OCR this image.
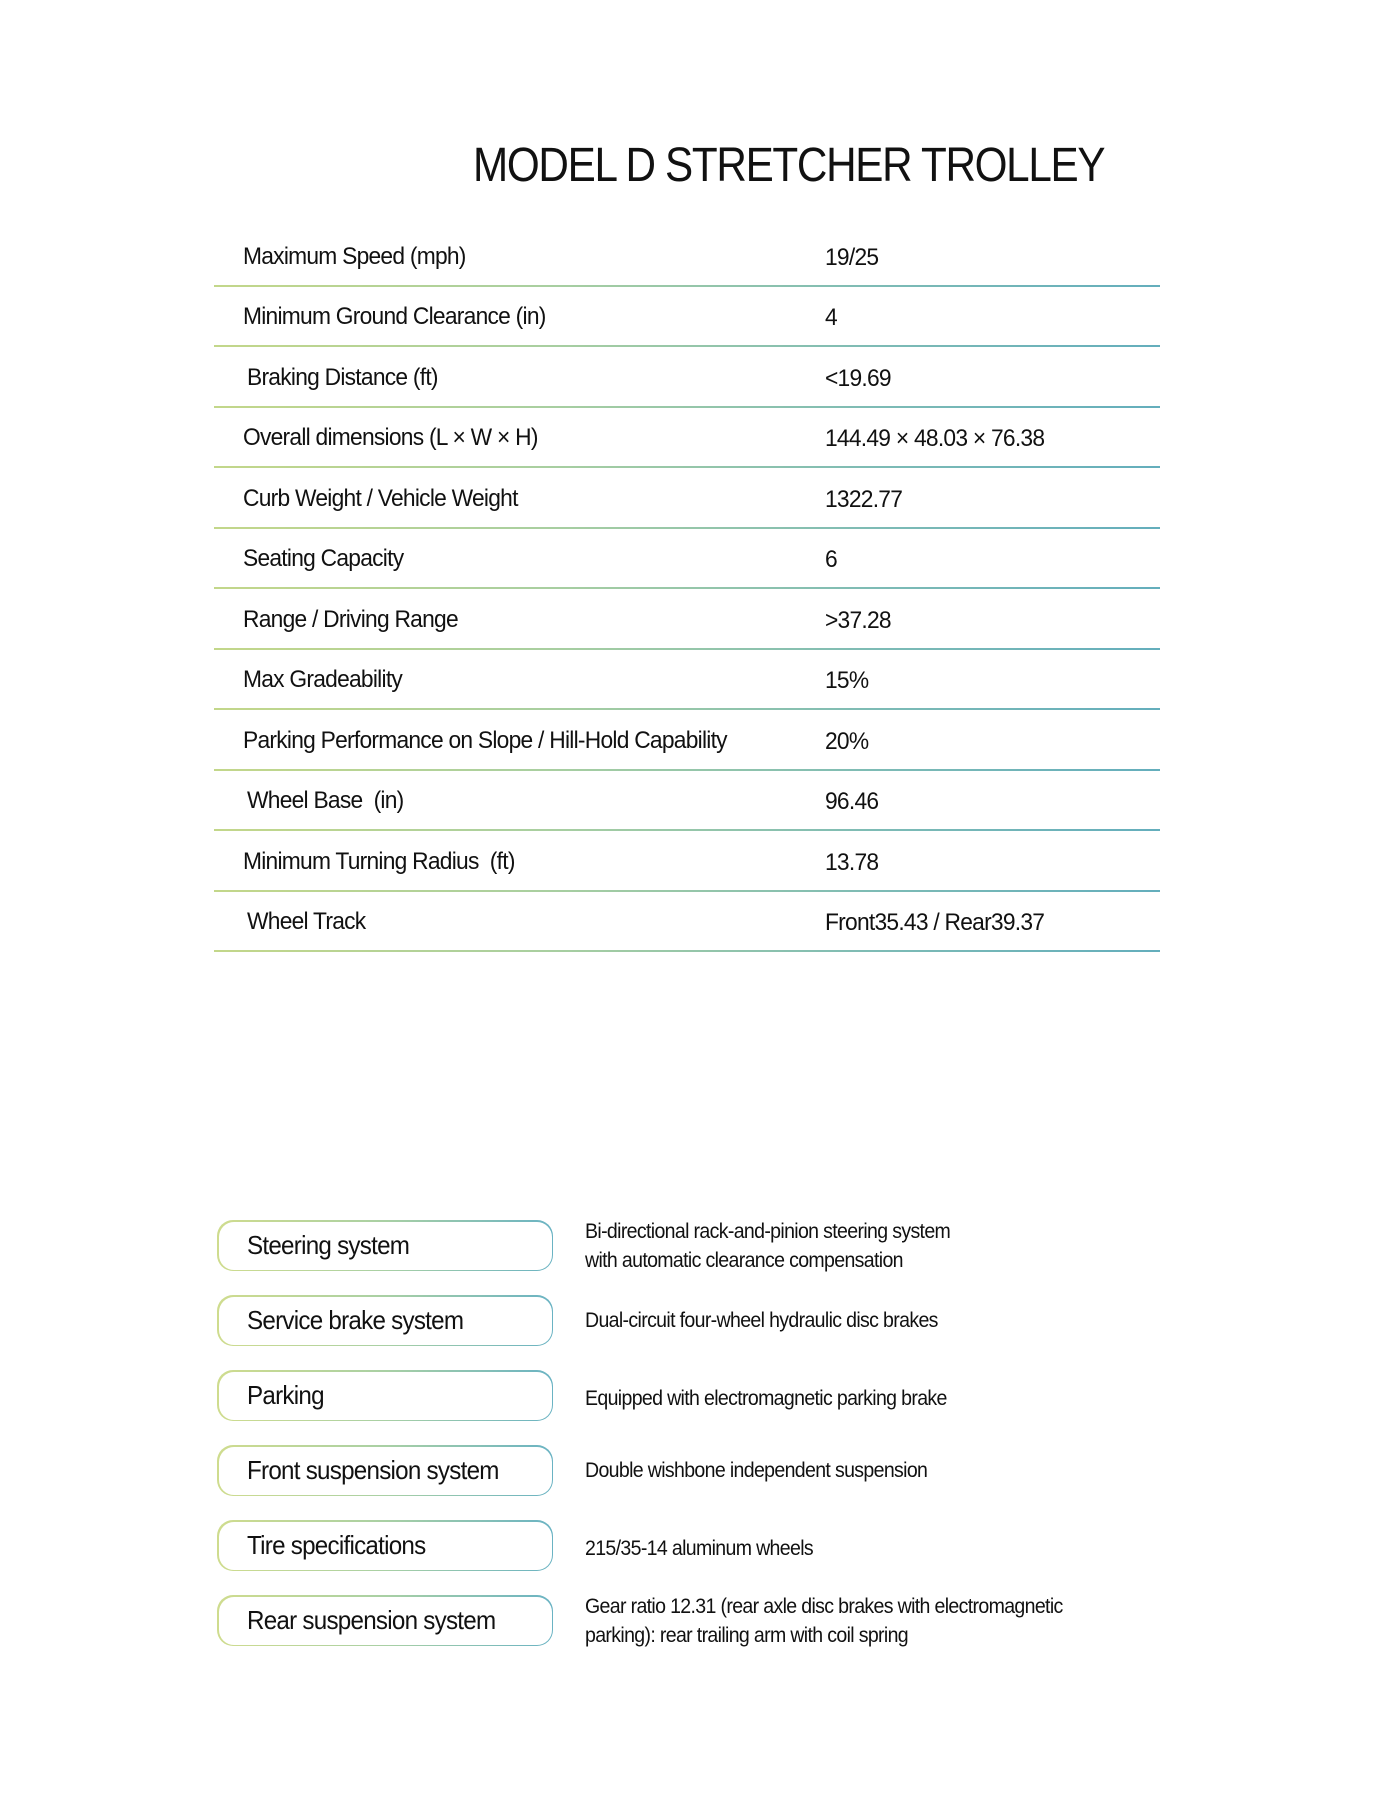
MODEL D STRETCHER TROLLEY
Maximum Speed (mph)	19/25
Minimum Ground Clearance (in)	4
Braking Distance (ft)	<19.69
Overall dimensions (L × W × H)	144.49 × 48.03 × 76.38
Curb Weight / Vehicle Weight	1322.77
Seating Capacity	6
Range / Driving Range	>37.28
Max Gradeability	15%
Parking Performance on Slope / Hill-Hold Capability	20%
Wheel Base  (in)	96.46
Minimum Turning Radius  (ft)	13.78
Wheel Track	Front35.43 / Rear39.37
Steering system	Bi-directional rack-and-pinion steering system
with automatic clearance compensation
Service brake system	Dual-circuit four-wheel hydraulic disc brakes
Parking	Equipped with electromagnetic parking brake
Front suspension system	Double wishbone independent suspension
Tire specifications	215/35-14 aluminum wheels
Rear suspension system	Gear ratio 12.31 (rear axle disc brakes with electromagnetic
parking): rear trailing arm with coil spring
